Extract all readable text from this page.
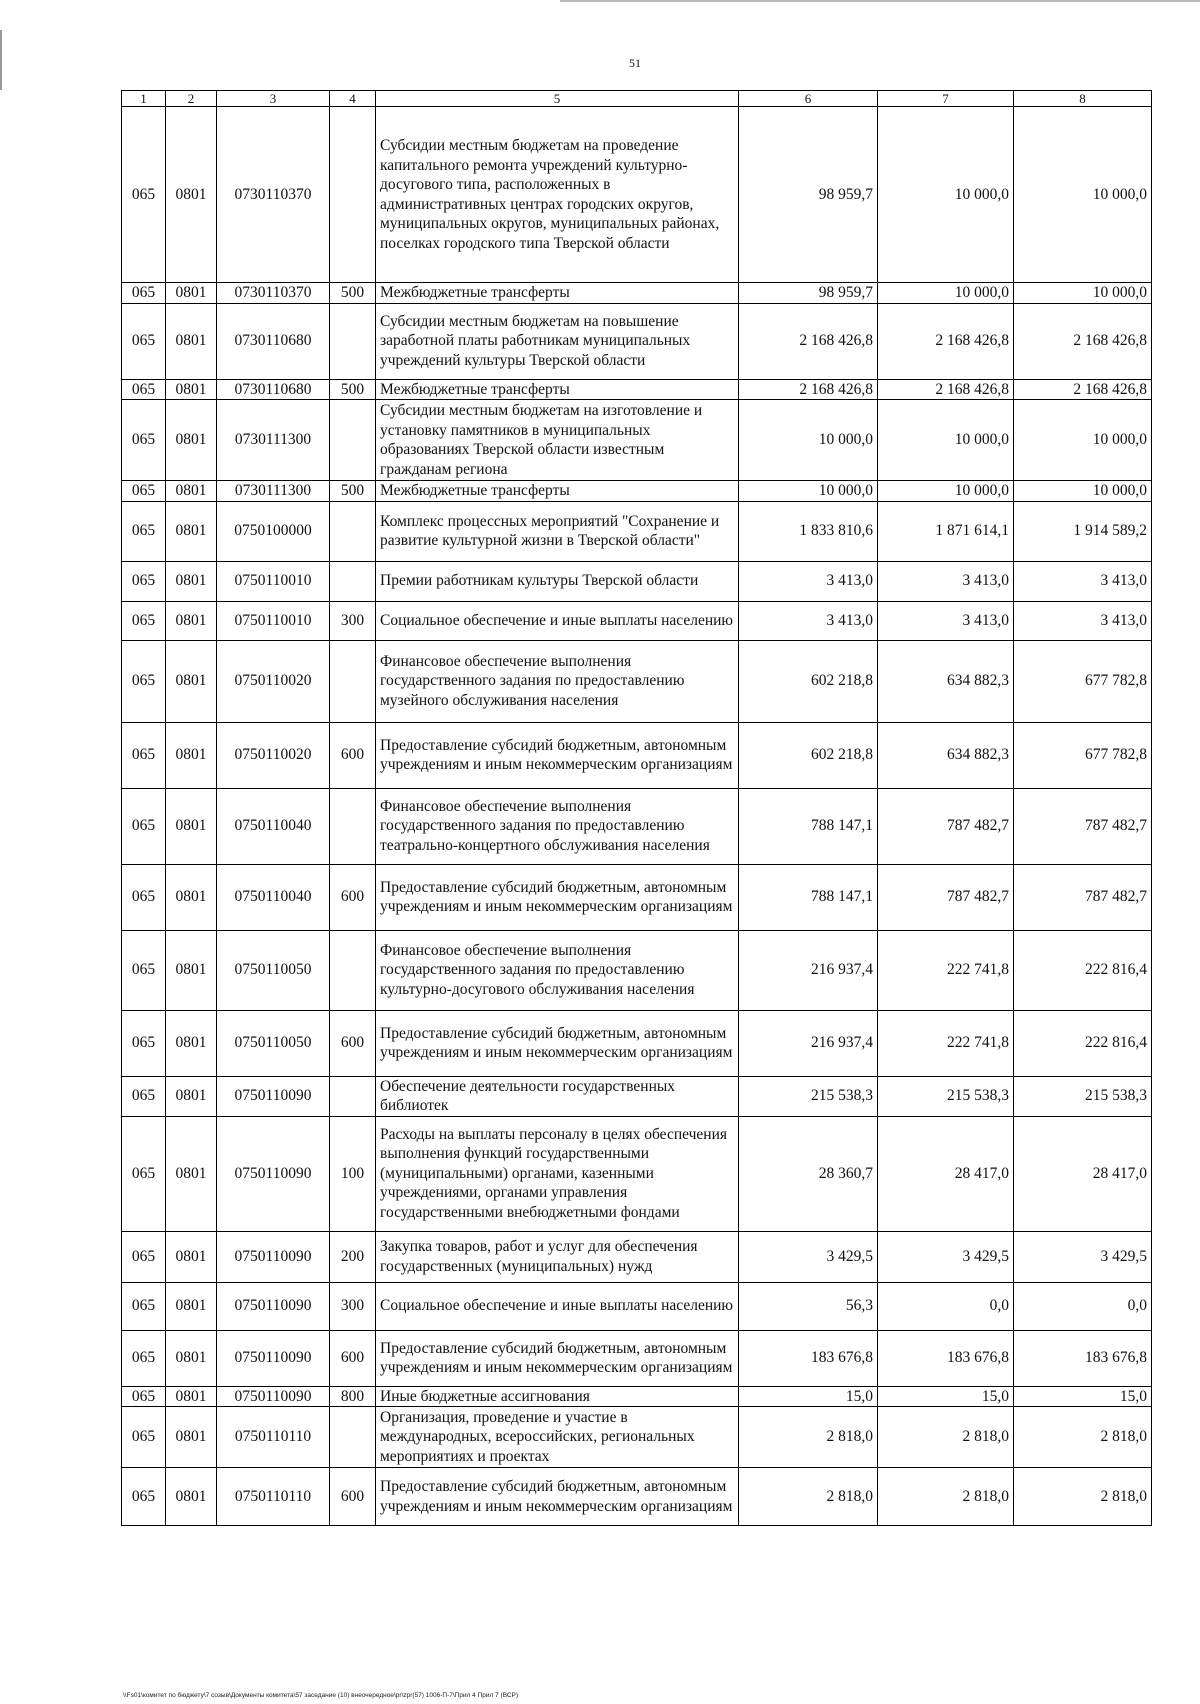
51
1	2	3	4	5	6	7	8
065	0801	0730110370		Субсидии местным бюджетам на проведение капитального ремонта учреждений культурно-досугового типа, расположенных в административных центрах городских округов, муниципальных округов, муниципальных районах, поселках городского типа Тверской области	98 959,7	10 000,0	10 000,0
065	0801	0730110370	500	Межбюджетные трансферты	98 959,7	10 000,0	10 000,0
065	0801	0730110680		Субсидии местным бюджетам на повышение заработной платы работникам муниципальных учреждений культуры Тверской области	2 168 426,8	2 168 426,8	2 168 426,8
065	0801	0730110680	500	Межбюджетные трансферты	2 168 426,8	2 168 426,8	2 168 426,8
065	0801	0730111300		Субсидии местным бюджетам на изготовление и установку памятников в муниципальных образованиях Тверской области известным гражданам региона	10 000,0	10 000,0	10 000,0
065	0801	0730111300	500	Межбюджетные трансферты	10 000,0	10 000,0	10 000,0
065	0801	0750100000		Комплекс процессных мероприятий "Сохранение и развитие культурной жизни в Тверской области"	1 833 810,6	1 871 614,1	1 914 589,2
065	0801	0750110010		Премии работникам культуры Тверской области	3 413,0	3 413,0	3 413,0
065	0801	0750110010	300	Социальное обеспечение и иные выплаты населению	3 413,0	3 413,0	3 413,0
065	0801	0750110020		Финансовое обеспечение выполнения государственного задания по предоставлению музейного обслуживания населения	602 218,8	634 882,3	677 782,8
065	0801	0750110020	600	Предоставление субсидий бюджетным, автономным учреждениям и иным некоммерческим организациям	602 218,8	634 882,3	677 782,8
065	0801	0750110040		Финансовое обеспечение выполнения государственного задания по предоставлению театрально-концертного обслуживания населения	788 147,1	787 482,7	787 482,7
065	0801	0750110040	600	Предоставление субсидий бюджетным, автономным учреждениям и иным некоммерческим организациям	788 147,1	787 482,7	787 482,7
065	0801	0750110050		Финансовое обеспечение выполнения государственного задания по предоставлению культурно-досугового обслуживания населения	216 937,4	222 741,8	222 816,4
065	0801	0750110050	600	Предоставление субсидий бюджетным, автономным учреждениям и иным некоммерческим организациям	216 937,4	222 741,8	222 816,4
065	0801	0750110090		Обеспечение деятельности государственных библиотек	215 538,3	215 538,3	215 538,3
065	0801	0750110090	100	Расходы на выплаты персоналу в целях обеспечения выполнения функций государственными (муниципальными) органами, казенными учреждениями, органами управления государственными внебюджетными фондами	28 360,7	28 417,0	28 417,0
065	0801	0750110090	200	Закупка товаров, работ и услуг для обеспечения государственных (муниципальных) нужд	3 429,5	3 429,5	3 429,5
065	0801	0750110090	300	Социальное обеспечение и иные выплаты населению	56,3	0,0	0,0
065	0801	0750110090	600	Предоставление субсидий бюджетным, автономным учреждениям и иным некоммерческим организациям	183 676,8	183 676,8	183 676,8
065	0801	0750110090	800	Иные бюджетные ассигнования	15,0	15,0	15,0
065	0801	0750110110		Организация, проведение и участие в международных, всероссийских, региональных мероприятиях и проектах	2 818,0	2 818,0	2 818,0
065	0801	0750110110	600	Предоставление субсидий бюджетным, автономным учреждениям и иным некоммерческим организациям	2 818,0	2 818,0	2 818,0
\\Fs01\комитет по бюджету\7 созыв\Документы комитета\57 заседание (10) внеочередное\pr\zpr(57) 1006-П-7\Прил 4 Прил 7 (ВСР)
